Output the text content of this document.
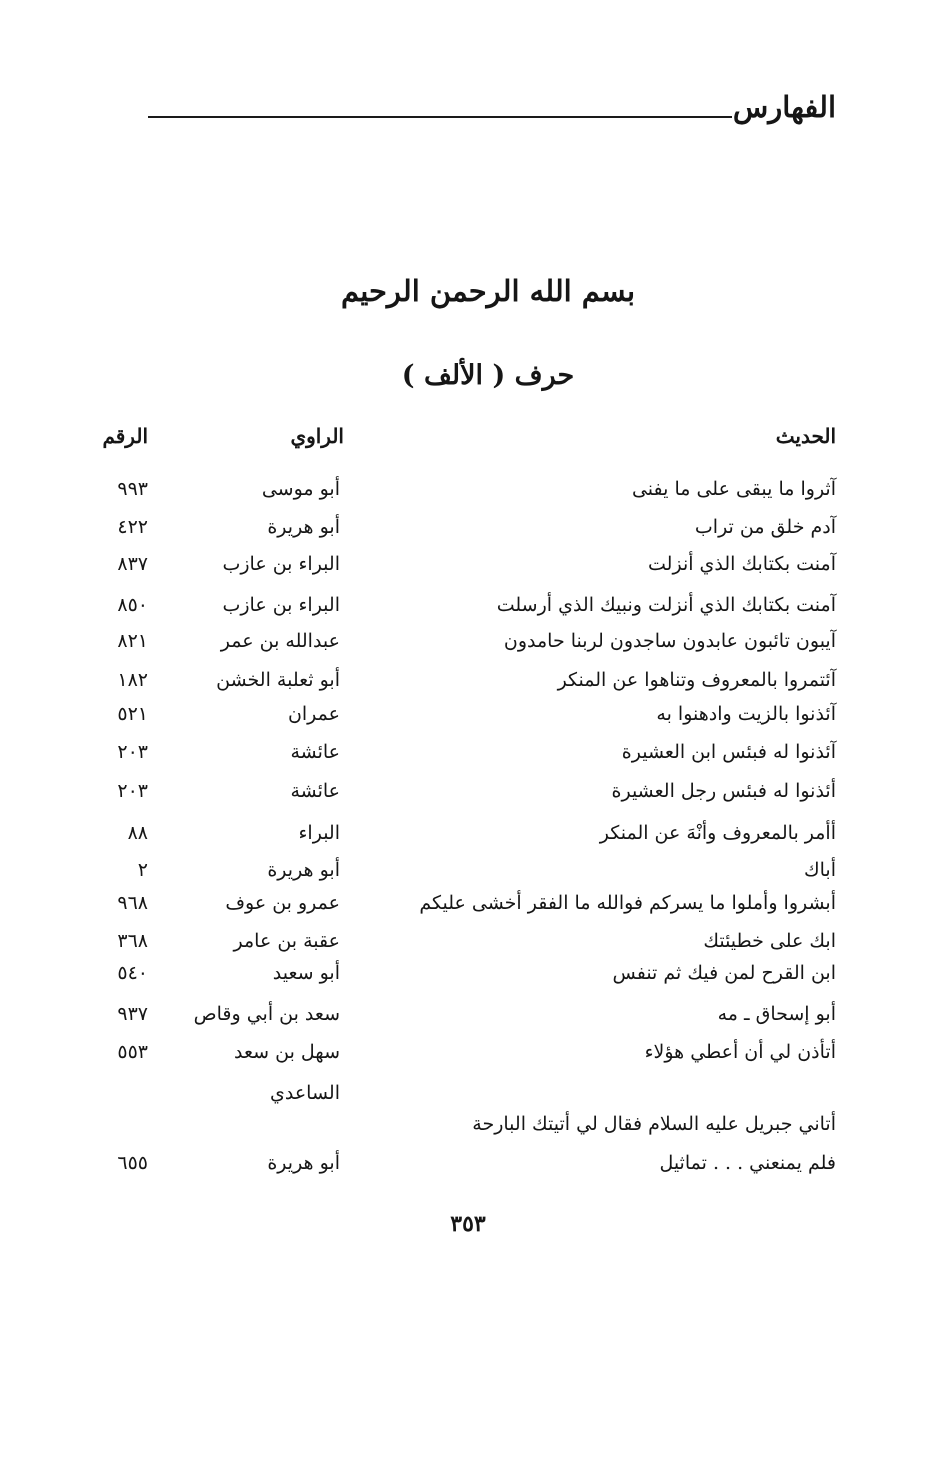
الفهارس
بسم الله الرحمن الرحيم
حرف ( الألف )
الحديث
الراوي
الرقم
آثروا ما يبقى على ما يفنى
أبو موسى
٩٩٣
آدم خلق من تراب
أبو هريرة
٤٢٢
آمنت بكتابك الذي أنزلت
البراء بن عازب
٨٣٧
آمنت بكتابك الذي أنزلت ونبيك الذي أرسلت
البراء بن عازب
٨٥٠
آيبون تائبون عابدون ساجدون لربنا حامدون
عبدالله بن عمر
٨٢١
آئتمروا بالمعروف وتناهوا عن المنكر
أبو ثعلبة الخشن
١٨٢
آئذنوا بالزيت وادهنوا به
عمران
٥٢١
آئذنوا له فبئس ابن العشيرة
عائشة
٢٠٣
أئذنوا له فبئس رجل العشيرة
عائشة
٢٠٣
أأمر بالمعروف وأنْهَ عن المنكر
البراء
٨٨
أباك
أبو هريرة
٢
أبشروا وأملوا ما يسركم فوالله ما الفقر أخشى عليكم
عمرو بن عوف
٩٦٨
ابك على خطيئتك
عقبة بن عامر
٣٦٨
ابن القرح لمن فيك ثم تنفس
أبو سعيد
٥٤٠
أبو إسحاق ـ مه
سعد بن أبي وقاص
٩٣٧
أتأذن لي أن أعطي هؤلاء
سهل بن سعد
٥٥٣
الساعدي
أتاني جبريل عليه السلام فقال لي أتيتك البارحة
فلم يمنعني . . . تماثيل
أبو هريرة
٦٥٥
٣٥٣
